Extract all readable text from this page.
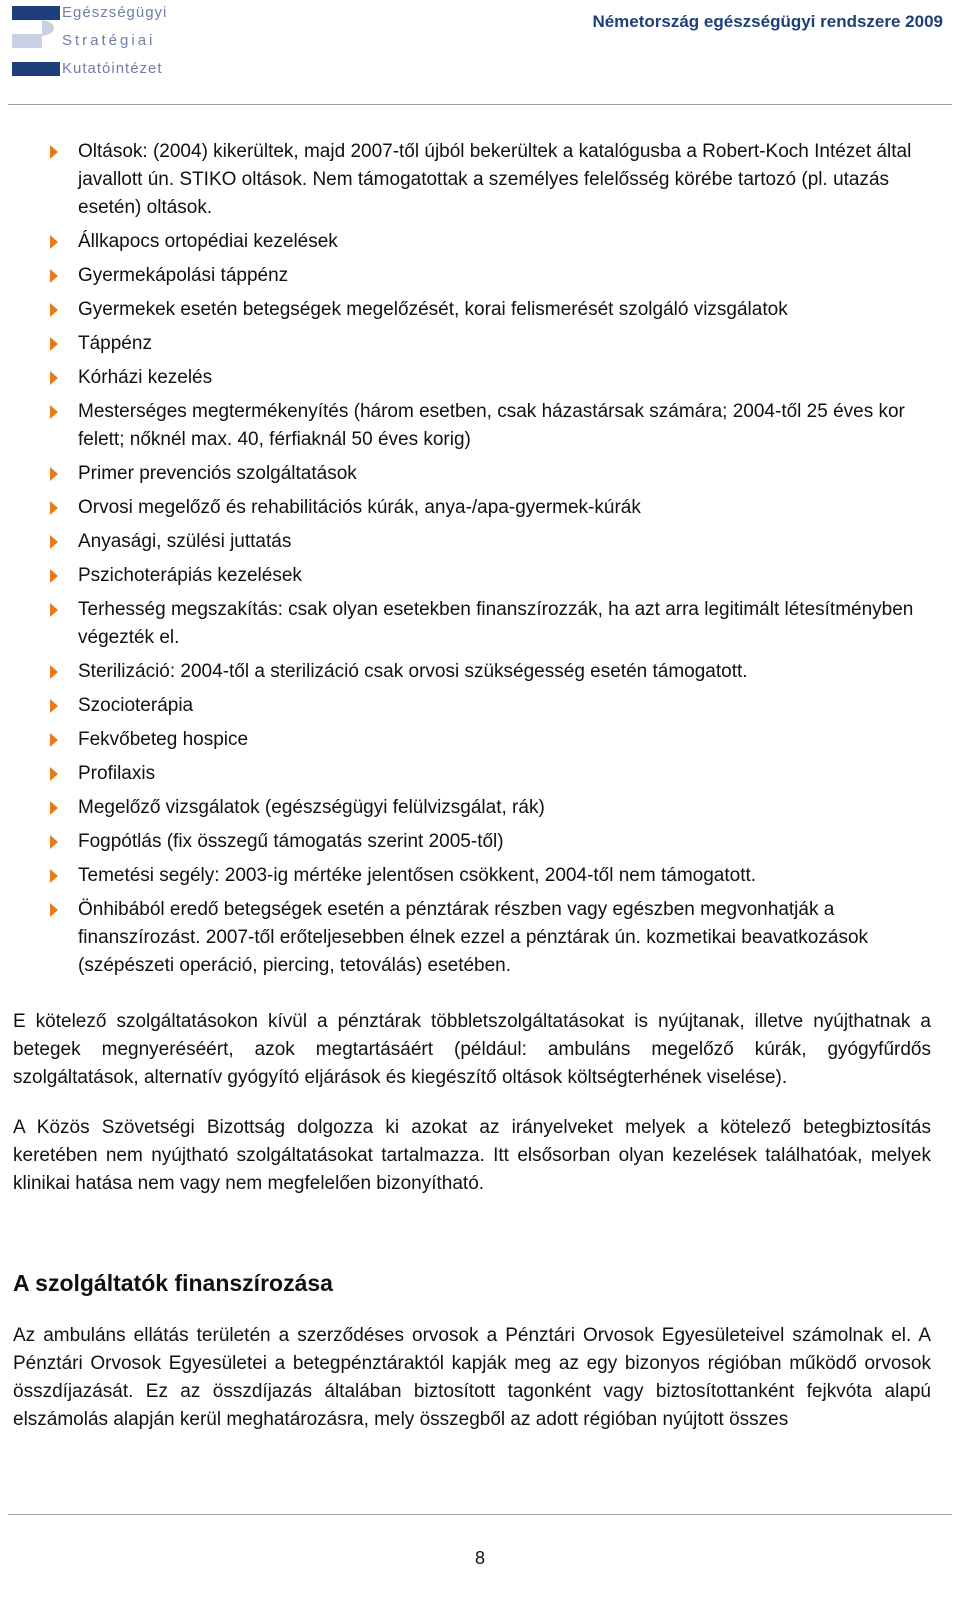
Egészségügyi
Stratégiai
Kutatóintézet
Németország egészségügyi rendszere 2009
Oltások: (2004) kikerültek, majd 2007-től újból bekerültek a katalógusba a Robert-Koch Intézet által javallott ún. STIKO oltások. Nem támogatottak a személyes felelősség körébe tartozó (pl. utazás esetén) oltások.
Állkapocs ortopédiai kezelések
Gyermekápolási táppénz
Gyermekek esetén betegségek megelőzését, korai felismerését szolgáló vizsgálatok
Táppénz
Kórházi kezelés
Mesterséges megtermékenyítés (három esetben, csak házastársak számára; 2004-től 25 éves kor felett; nőknél max. 40, férfiaknál 50 éves korig)
Primer prevenciós szolgáltatások
Orvosi megelőző és rehabilitációs kúrák, anya-/apa-gyermek-kúrák
Anyasági, szülési juttatás
Pszichoterápiás kezelések
Terhesség megszakítás: csak olyan esetekben finanszírozzák, ha azt arra legitimált létesítményben végezték el.
Sterilizáció: 2004-től a sterilizáció csak orvosi szükségesség esetén támogatott.
Szocioterápia
Fekvőbeteg hospice
Profilaxis
Megelőző vizsgálatok (egészségügyi felülvizsgálat, rák)
Fogpótlás (fix összegű támogatás szerint 2005-től)
Temetési segély: 2003-ig mértéke jelentősen csökkent, 2004-től nem támogatott.
Önhibából eredő betegségek esetén a pénztárak részben vagy egészben megvonhatják a finanszírozást. 2007-től erőteljesebben élnek ezzel a pénztárak ún. kozmetikai beavatkozások (szépészeti operáció, piercing, tetoválás) esetében.

E kötelező szolgáltatásokon kívül a pénztárak többletszolgáltatásokat is nyújtanak, illetve nyújthatnak a betegek megnyeréséért, azok megtartásáért (például: ambuláns megelőző kúrák, gyógyfűrdős szolgáltatások, alternatív gyógyító eljárások és kiegészítő oltások költségterhének viselése).

A Közös Szövetségi Bizottság dolgozza ki azokat az irányelveket melyek a kötelező betegbiztosítás keretében nem nyújtható szolgáltatásokat tartalmazza. Itt elsősorban olyan kezelések találhatóak, melyek klinikai hatása nem vagy nem megfelelően bizonyítható.

A szolgáltatók finanszírozása

Az ambuláns ellátás területén a szerződéses orvosok a Pénztári Orvosok Egyesületeivel számolnak el. A Pénztári Orvosok Egyesületei a betegpénztáraktól kapják meg az egy bizonyos régióban működő orvosok összdíjazását. Ez az összdíjazás általában biztosított tagonként vagy biztosítottanként fejkvóta alapú elszámolás alapján kerül meghatározásra, mely összegből az adott régióban nyújtott összes

8
